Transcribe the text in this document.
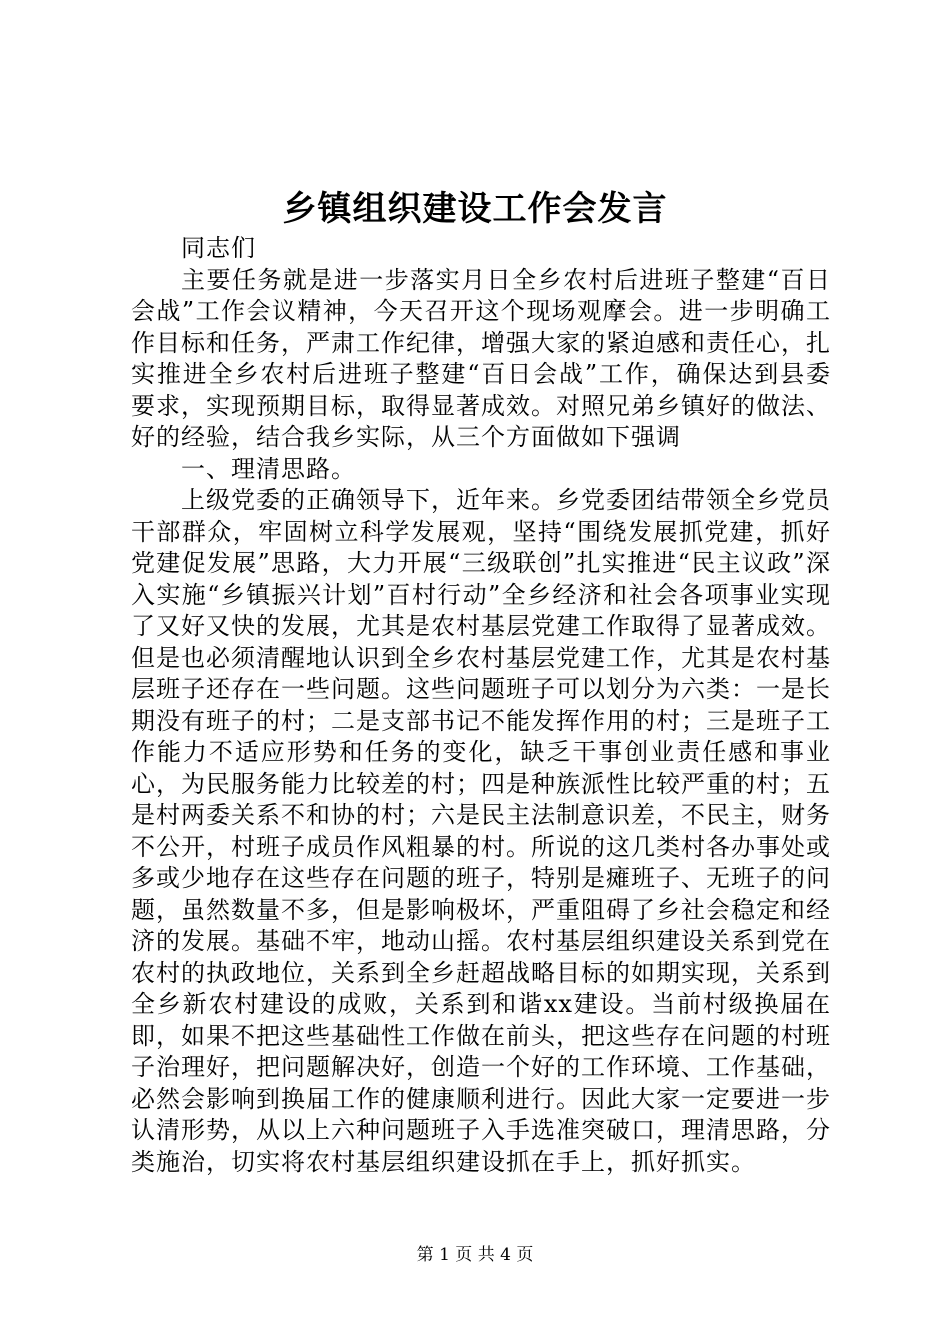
乡镇组织建设工作会发言

同志们

主要任务就是进一步落实月日全乡农村后进班子整建“百日会战”工作会议精神，今天召开这个现场观摩会。进一步明确工作目标和任务，严肃工作纪律，增强大家的紧迫感和责任心，扎实推进全乡农村后进班子整建“百日会战”工作，确保达到县委要求，实现预期目标，取得显著成效。对照兄弟乡镇好的做法、好的经验，结合我乡实际，从三个方面做如下强调

一、理清思路。

上级党委的正确领导下，近年来。乡党委团结带领全乡党员干部群众，牢固树立科学发展观，坚持“围绕发展抓党建，抓好党建促发展”思路，大力开展“三级联创”扎实推进“民主议政”深入实施“乡镇振兴计划”百村行动”全乡经济和社会各项事业实现了又好又快的发展，尤其是农村基层党建工作取得了显著成效。但是也必须清醒地认识到全乡农村基层党建工作，尤其是农村基层班子还存在一些问题。这些问题班子可以划分为六类：一是长期没有班子的村；二是支部书记不能发挥作用的村；三是班子工作能力不适应形势和任务的变化，缺乏干事创业责任感和事业心，为民服务能力比较差的村；四是种族派性比较严重的村；五是村两委关系不和协的村；六是民主法制意识差，不民主，财务不公开，村班子成员作风粗暴的村。所说的这几类村各办事处或多或少地存在这些存在问题的班子，特别是瘫班子、无班子的问题，虽然数量不多，但是影响极坏，严重阻碍了乡社会稳定和经济的发展。基础不牢，地动山摇。农村基层组织建设关系到党在农村的执政地位，关系到全乡赶超战略目标的如期实现，关系到全乡新农村建设的成败，关系到和谐xx建设。当前村级换届在即，如果不把这些基础性工作做在前头，把这些存在问题的村班子治理好，把问题解决好，创造一个好的工作环境、工作基础，必然会影响到换届工作的健康顺利进行。因此大家一定要进一步认清形势，从以上六种问题班子入手选准突破口，理清思路，分类施治，切实将农村基层组织建设抓在手上，抓好抓实。

第 1 页 共 4 页
